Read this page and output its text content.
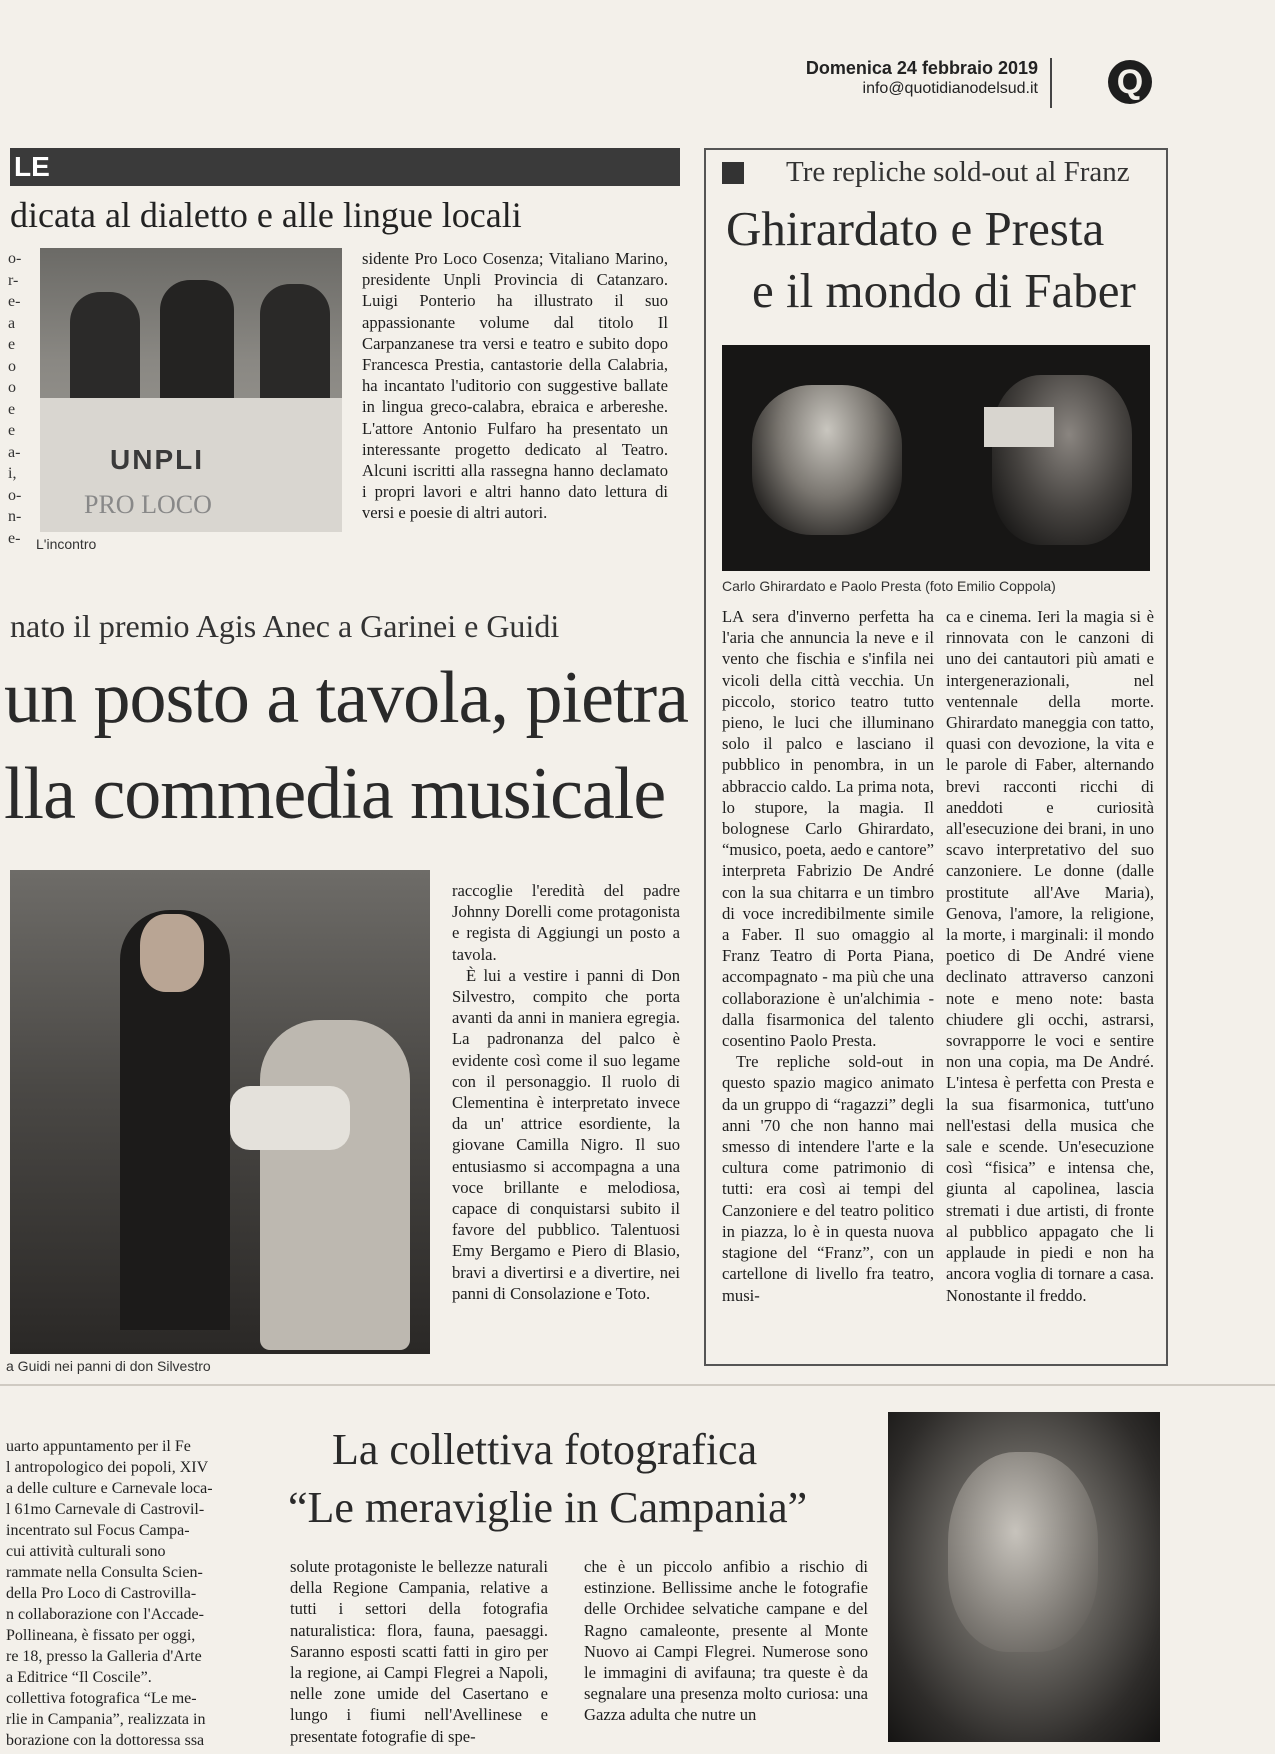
Domenica 24 febbraio 2019
info@quotidianodelsud.it Q
LE
dicata al dialetto e alle lingue locali
o-
r-
e-
a
e
o
o
e
e
a-
i,
o-
n-
e-
UNPLI
PRO LOCO
L'incontro

sidente Pro Loco Cosenza; Vitaliano Marino, presidente Unpli Provincia di Catanzaro. Luigi Ponterio ha illustrato il suo appassionante volume dal titolo Il Carpanzanese tra versi e teatro e subito dopo Francesca Prestia, cantastorie della Calabria, ha incantato l'uditorio con suggestive ballate in lingua greco-calabra, ebraica e arbereshe. L'attore Antonio Fulfaro ha presentato un interessante progetto dedicato al Teatro. Alcuni iscritti alla rassegna hanno declamato i propri lavori e altri hanno dato lettura di versi e poesie di altri autori.

Tre repliche sold-out al Franz
Ghirardato e Presta
e il mondo di Faber
Carlo Ghirardato e Paolo Presta (foto Emilio Coppola)

LA sera d'inverno perfetta ha l'aria che annuncia la neve e il vento che fischia e s'infila nei vicoli della città vecchia. Un piccolo, storico teatro tutto pieno, le luci che illuminano solo il palco e lasciano il pubblico in penombra, in un abbraccio caldo. La prima nota, lo stupore, la magia. Il bolognese Carlo Ghirardato, “musico, poeta, aedo e cantore” interpreta Fabrizio De André con la sua chitarra e un timbro di voce incredibilmente simile a Faber. Il suo omaggio al Franz Teatro di Porta Piana, accompagnato - ma più che una collaborazione è un'alchimia - dalla fisarmonica del talento cosentino Paolo Presta.

Tre repliche sold-out in questo spazio magico animato da un gruppo di “ragazzi” degli anni '70 che non hanno mai smesso di intendere l'arte e la cultura come patrimonio di tutti: era così ai tempi del Canzoniere e del teatro politico in piazza, lo è in questa nuova stagione del “Franz”, con un cartellone di livello fra teatro, musi-

ca e cinema. Ieri la magia si è rinnovata con le canzoni di uno dei cantautori più amati e intergenerazionali, nel ventennale della morte. Ghirardato maneggia con tatto, quasi con devozione, la vita e le parole di Faber, alternando brevi racconti ricchi di aneddoti e curiosità all'esecuzione dei brani, in uno scavo interpretativo del suo canzoniere. Le donne (dalle prostitute all'Ave Maria), Genova, l'amore, la religione, la morte, i marginali: il mondo poetico di De André viene declinato attraverso canzoni note e meno note: basta chiudere gli occhi, astrarsi, sovrapporre le voci e sentire non una copia, ma De André. L'intesa è perfetta con Presta e la sua fisarmonica, tutt'uno nell'estasi della musica che sale e scende. Un'esecuzione così “fisica” e intensa che, giunta al capolinea, lascia stremati i due artisti, di fronte al pubblico appagato che li applaude in piedi e non ha ancora voglia di tornare a casa. Nonostante il freddo.

nato il premio Agis Anec a Garinei e Guidi
un posto a tavola, pietra
lla commedia musicale
a Guidi nei panni di don Silvestro

raccoglie l'eredità del padre Johnny Dorelli come protagonista e regista di Aggiungi un posto a tavola.

È lui a vestire i panni di Don Silvestro, compito che porta avanti da anni in maniera egregia. La padronanza del palco è evidente così come il suo legame con il personaggio. Il ruolo di Clementina è interpretato invece da un' attrice esordiente, la giovane Camilla Nigro. Il suo entusiasmo si accompagna a una voce brillante e melodiosa, capace di conquistarsi subito il favore del pubblico. Talentuosi Emy Bergamo e Piero di Blasio, bravi a divertirsi e a divertire, nei panni di Consolazione e Toto.

uarto appuntamento per il Fe
l antropologico dei popoli, XIV
a delle culture e Carnevale loca-
l 61mo Carnevale di Castrovil-
incentrato sul Focus Campa-
cui attività culturali sono
rammate nella Consulta Scien-
della Pro Loco di Castrovilla-
n collaborazione con l'Accade-
Pollineana, è fissato per oggi,
re 18, presso la Galleria d'Arte
a Editrice “Il Coscile”.
collettiva fotografica “Le me-
rlie in Campania”, realizzata in
borazione con la dottoressa ssa
La collettiva fotografica
“Le meraviglie in Campania”

solute protagoniste le bellezze naturali della Regione Campania, relative a tutti i settori della fotografia naturalistica: flora, fauna, paesaggi. Saranno esposti scatti fatti in giro per la regione, ai Campi Flegrei a Napoli, nelle zone umide del Casertano e lungo i fiumi nell'Avellinese e presentate fotografie di spe-

che è un piccolo anfibio a rischio di estinzione. Bellissime anche le fotografie delle Orchidee selvatiche campane e del Ragno camaleonte, presente al Monte Nuovo ai Campi Flegrei. Numerose sono le immagini di avifauna; tra queste è da segnalare una presenza molto curiosa: una Gazza adulta che nutre un
